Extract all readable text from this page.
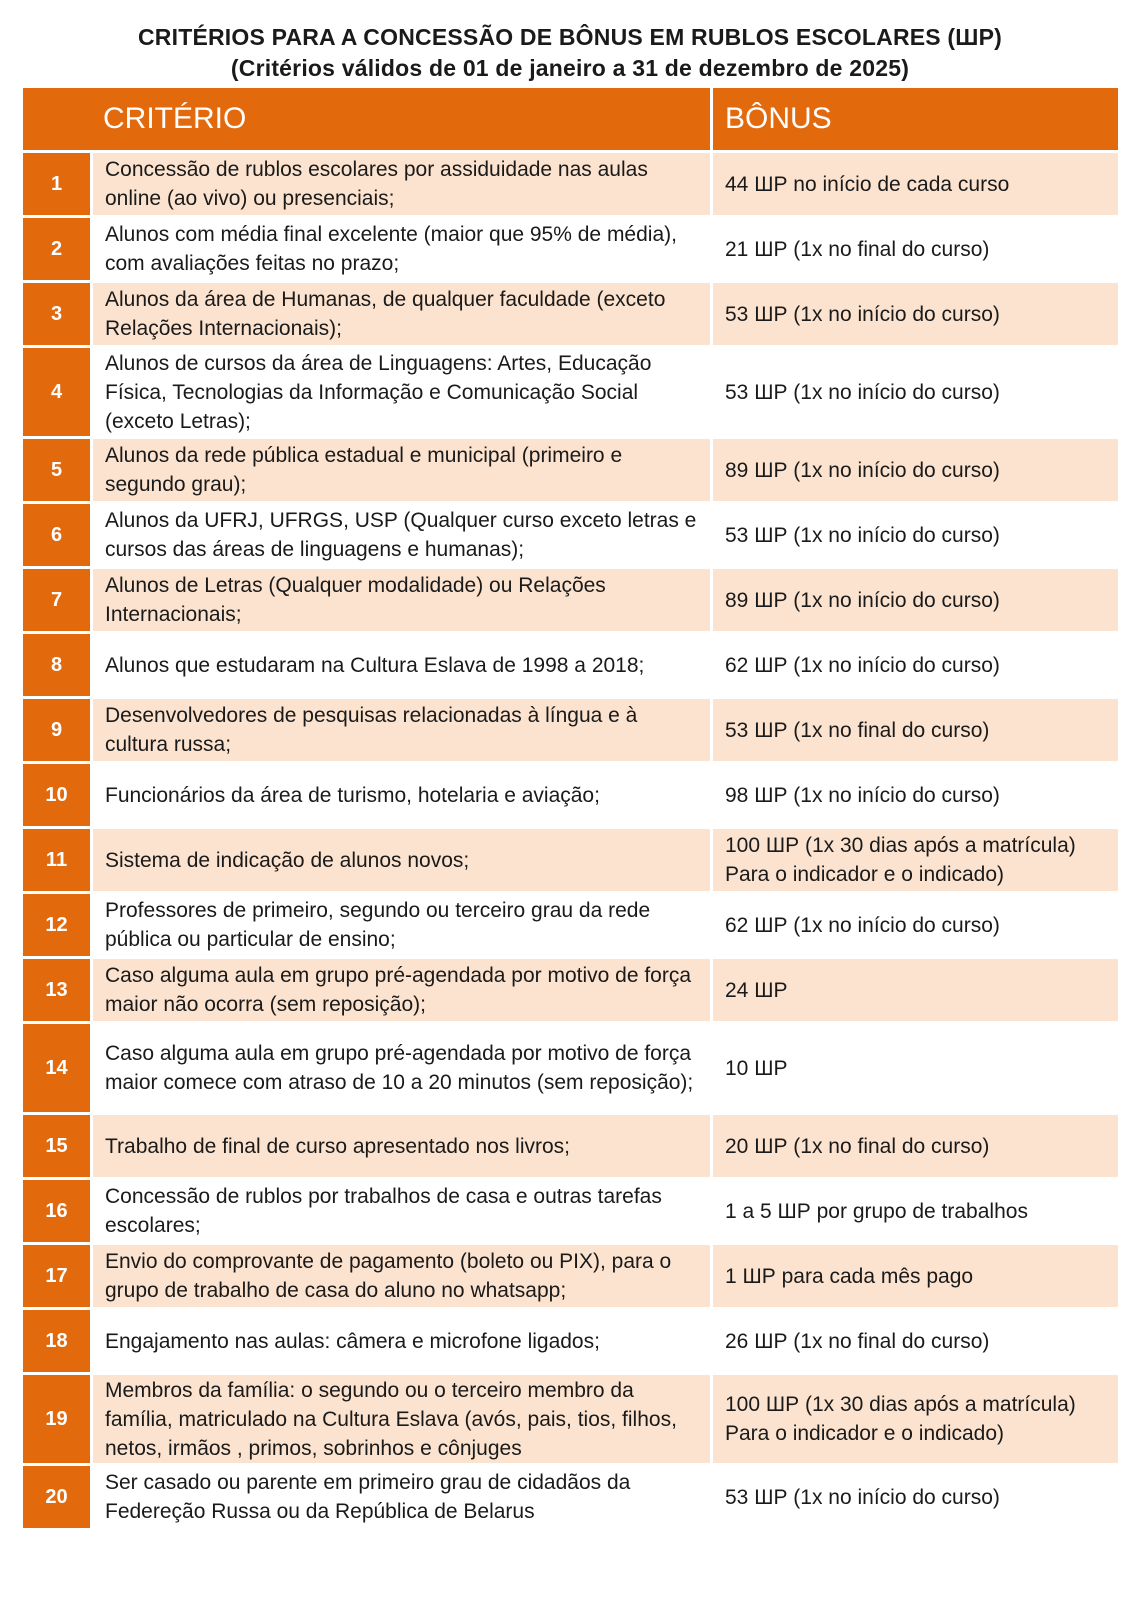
CRITÉRIOS PARA A CONCESSÃO DE BÔNUS EM RUBLOS ESCOLARES (ШР)
(Critérios válidos de 01 de janeiro a 31 de dezembro de 2025)
	CRITÉRIO	BÔNUS
1	Concessão de rublos escolares por assiduidade nas aulas online (ao vivo) ou presenciais;	44 ШР no início de cada curso
2	Alunos com média final excelente (maior que 95% de média), com avaliações feitas no prazo;	21 ШР (1x no final do curso)
3	Alunos da área de Humanas, de qualquer faculdade (exceto Relações Internacionais);	53 ШР (1x no início do curso)
4	Alunos de cursos da área de Linguagens: Artes, Educação Física, Tecnologias da Informação e Comunicação Social (exceto Letras);	53 ШР (1x no início do curso)
5	Alunos da rede pública estadual e municipal (primeiro e segundo grau);	89 ШР (1x no início do curso)
6	Alunos da UFRJ, UFRGS, USP (Qualquer curso exceto letras e cursos das áreas de linguagens e humanas);	53 ШР (1x no início do curso)
7	Alunos de Letras (Qualquer modalidade) ou Relações Internacionais;	89 ШР (1x no início do curso)
8	Alunos que estudaram na Cultura Eslava de 1998 a 2018;	62 ШР (1x no início do curso)
9	Desenvolvedores de pesquisas relacionadas à língua e à cultura russa;	53 ШР (1x no final do curso)
10	Funcionários da área de turismo, hotelaria e aviação;	98 ШР (1x no início do curso)
11	Sistema de indicação de alunos novos;	100 ШР (1x 30 dias após a matrícula)
Para o indicador e o indicado)
12	Professores de primeiro, segundo ou terceiro grau da rede pública ou particular de ensino;	62 ШР (1x no início do curso)
13	Caso alguma aula em grupo pré-agendada por motivo de força maior não ocorra (sem reposição);	24 ШР
14	Caso alguma aula em grupo pré-agendada por motivo de força maior comece com atraso de 10 a 20 minutos (sem reposição);	10 ШР
15	Trabalho de final de curso apresentado nos livros;	20 ШР (1x no final do curso)
16	Concessão de rublos por trabalhos de casa e outras tarefas escolares;	1 a 5 ШР por grupo de trabalhos
17	Envio do comprovante de pagamento (boleto ou PIX), para o grupo de trabalho de casa do aluno no whatsapp;	1 ШР para cada mês pago
18	Engajamento nas aulas: câmera e microfone ligados;	26 ШР (1x no final do curso)
19	Membros da família: o segundo ou o terceiro membro da família, matriculado na Cultura Eslava (avós, pais, tios, filhos, netos, irmãos , primos, sobrinhos e cônjuges	100 ШР (1x 30 dias após a matrícula)
Para o indicador e o indicado)
20	Ser casado ou parente em primeiro grau de cidadãos da Federeção Russa ou da República de Belarus	53 ШР (1x no início do curso)
